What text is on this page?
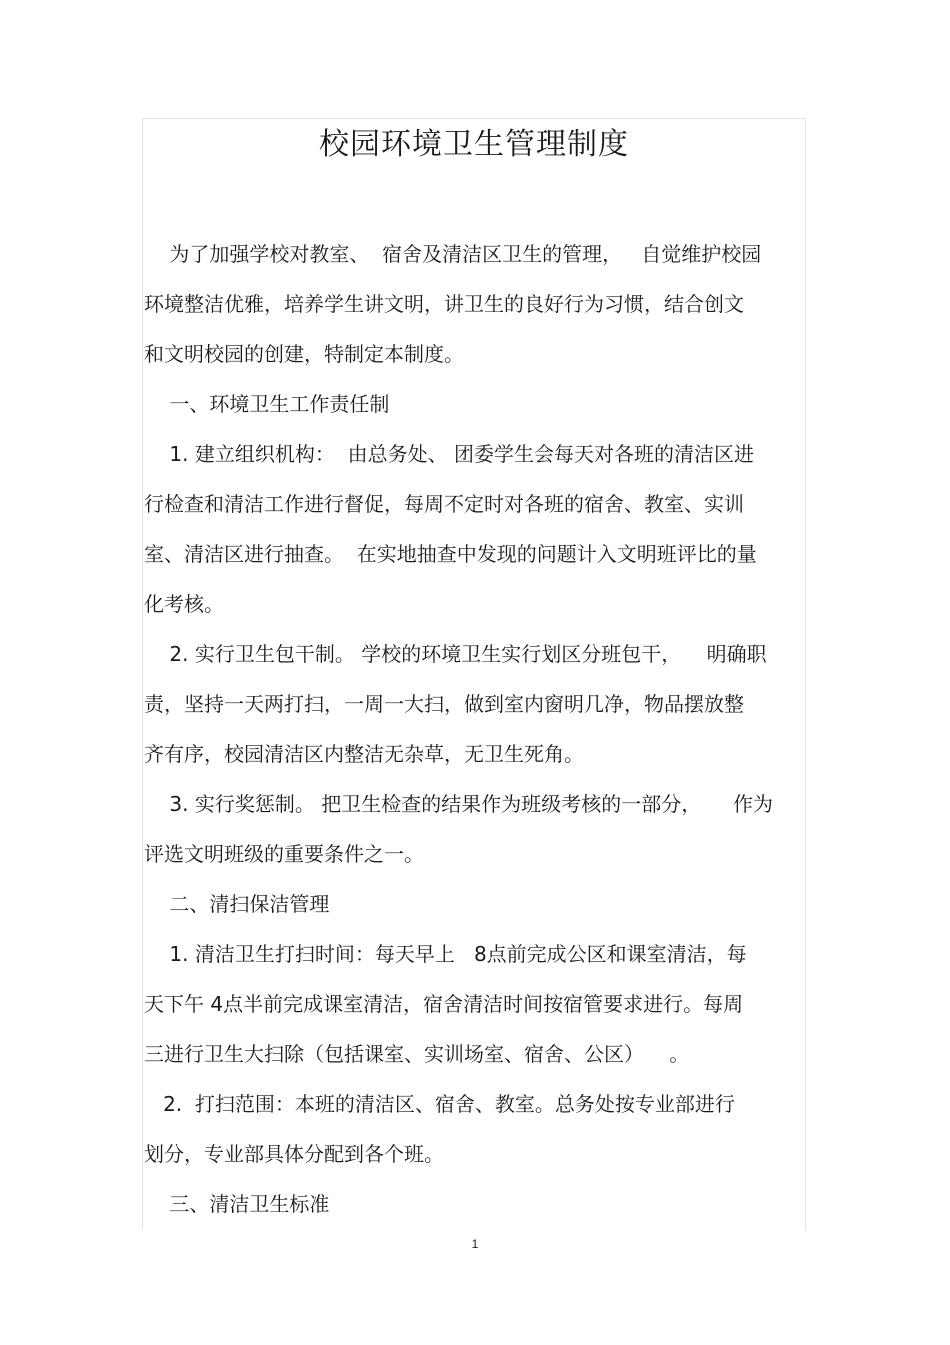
校园环境卫生管理制度
为了加强学校对教室、  宿舍及清洁区卫生的管理，   自觉维护校园
环境整洁优雅，培养学生讲文明，讲卫生的良好行为习惯，结合创文
和文明校园的创建，特制定本制度。
一、环境卫生工作责任制
1. 建立组织机构：  由总务处、 团委学生会每天对各班的清洁区进
行检查和清洁工作进行督促，每周不定时对各班的宿舍、教室、实训
室、清洁区进行抽查。  在实地抽查中发现的问题计入文明班评比的量
化考核。
2. 实行卫生包干制。 学校的环境卫生实行划区分班包干，    明确职
责，坚持一天两打扫，一周一大扫，做到室内窗明几净，物品摆放整
齐有序，校园清洁区内整洁无杂草，无卫生死角。
3. 实行奖惩制。 把卫生检查的结果作为班级考核的一部分，     作为
评选文明班级的重要条件之一。
二、清扫保洁管理
1. 清洁卫生打扫时间：每天早上   8点前完成公区和课室清洁，每
天下午 4点半前完成课室清洁，宿舍清洁时间按宿管要求进行。每周
三进行卫生大扫除（包括课室、实训场室、宿舍、公区）    。
2.  打扫范围：本班的清洁区、宿舍、教室。总务处按专业部进行
划分，专业部具体分配到各个班。
三、清洁卫生标准
1
